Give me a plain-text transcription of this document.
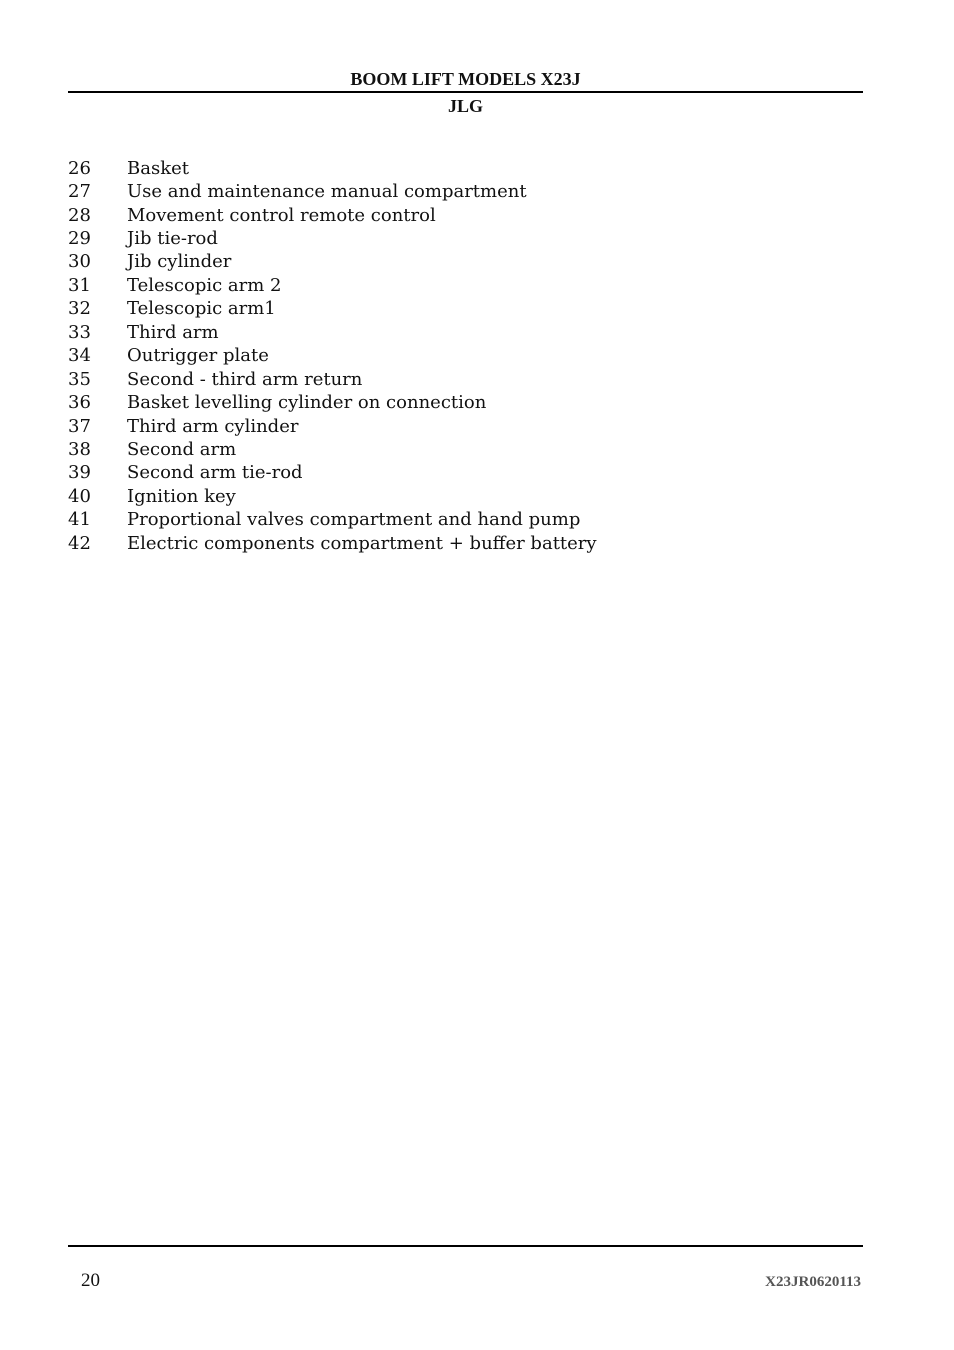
BOOM LIFT MODELS X23J
JLG
26	Basket
27	Use and maintenance manual compartment
28	Movement control remote control
29	Jib tie-rod
30	Jib cylinder
31	Telescopic arm 2
32	Telescopic arm1
33	Third arm
34	Outrigger plate
35	Second - third arm return
36	Basket levelling cylinder on connection
37	Third arm cylinder
38	Second arm
39	Second arm tie-rod
40	Ignition key
41	Proportional valves compartment and hand pump
42	Electric components compartment + buffer battery
20	X23JR0620113
